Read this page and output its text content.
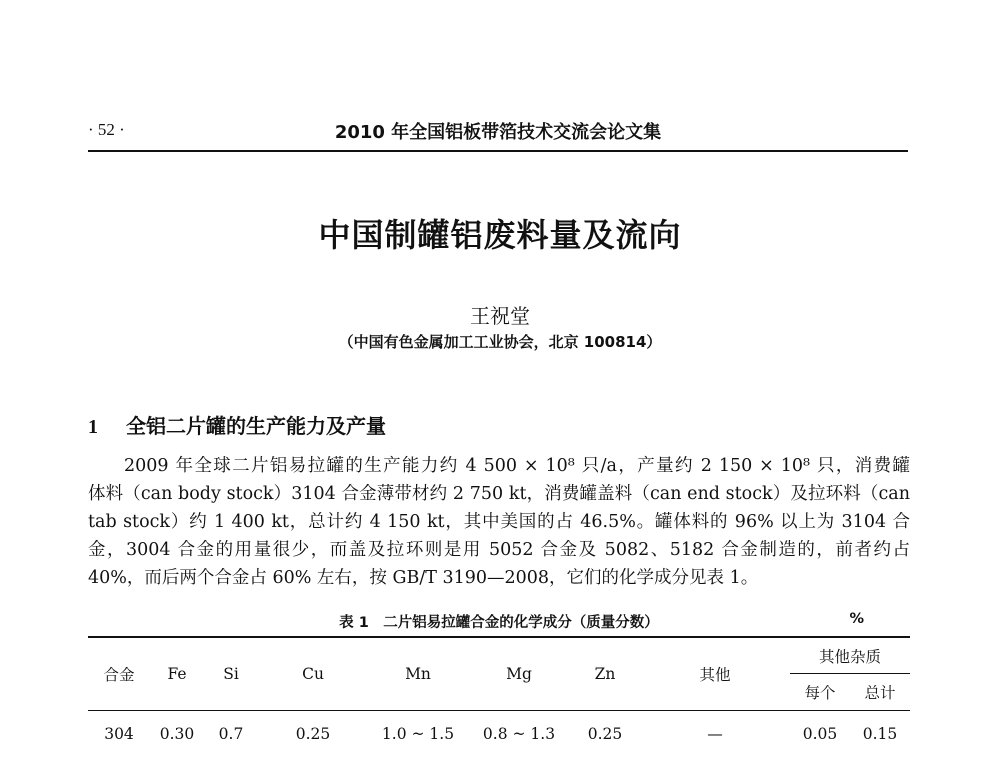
· 52 ·	2010 年全国铝板带箔技术交流会论文集
中国制罐铝废料量及流向
王祝堂
（中国有色金属加工工业协会，北京 100814）
1 全铝二片罐的生产能力及产量
2009 年全球二片铝易拉罐的生产能力约 4 500 × 10⁸ 只/a，产量约 2 150 × 10⁸ 只，消费罐
体料（can body stock）3104 合金薄带材约 2 750 kt，消费罐盖料（can end stock）及拉环料（can
tab stock）约 1 400 kt，总计约 4 150 kt，其中美国的占 46.5%。罐体料的 96% 以上为 3104 合
金，3004 合金的用量很少，而盖及拉环则是用 5052 合金及 5082、5182 合金制造的，前者约占
40%，而后两个合金占 60% 左右，按 GB/T 3190—2008，它们的化学成分见表 1。
表 1　二片铝易拉罐合金的化学成分（质量分数）	%
合金	Fe	Si	Cu	Mn	Mg	Zn	其他	其他杂质	
								每个	总计
304	0.30	0.7	0.25	1.0 ~ 1.5	0.8 ~ 1.3	0.25	—	0.05	0.15
